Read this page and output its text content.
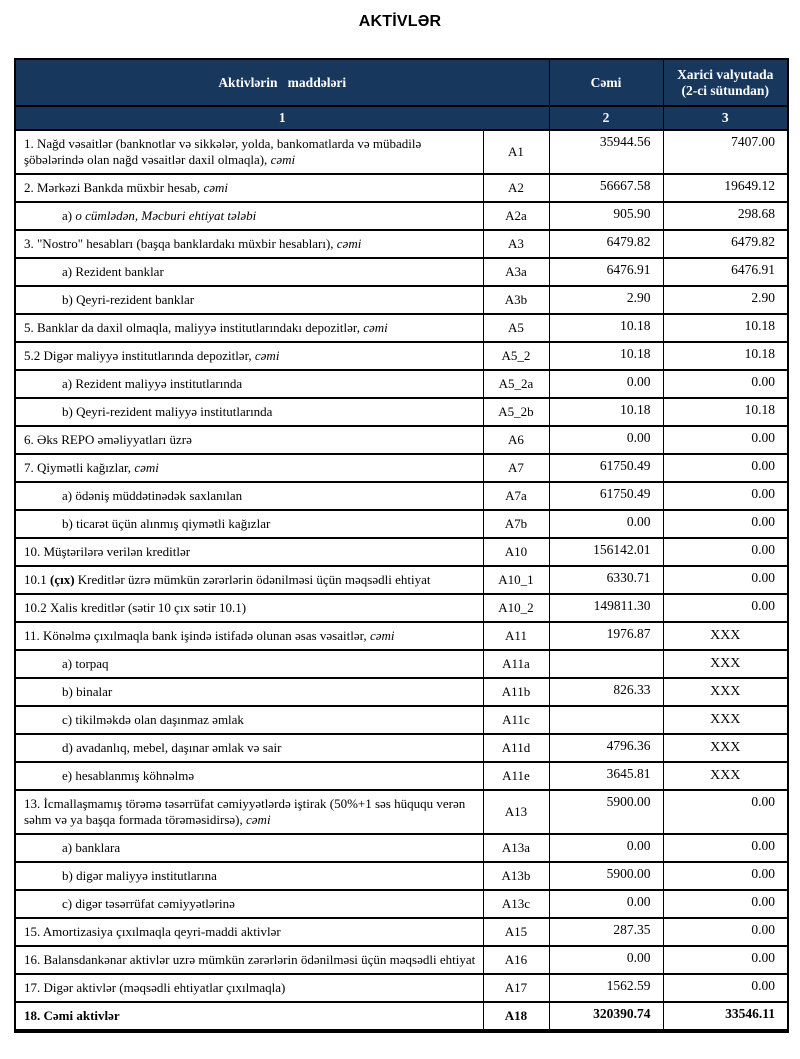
AKTİVLƏR
Aktivlərin   maddələri		Cəmi	Xarici valyutada (2-ci sütundan)
1		2	3
1. Nağd vəsaitlər (banknotlar və sikkələr, yolda, bankomatlarda və mübadilə şöbələrində olan nağd vəsaitlər daxil olmaqla), cəmi	A1	35944.56	7407.00
2. Mərkəzi Bankda müxbir hesab, cəmi	A2	56667.58	19649.12
a) o cümlədən, Məcburi ehtiyat tələbi	A2a	905.90	298.68
3. "Nostro" hesabları (başqa banklardakı müxbir hesabları), cəmi	A3	6479.82	6479.82
a) Rezident banklar	A3a	6476.91	6476.91
b) Qeyri-rezident banklar	A3b	2.90	2.90
5. Banklar da daxil olmaqla, maliyyə institutlarındakı depozitlər, cəmi	A5	10.18	10.18
5.2 Digər maliyyə institutlarında depozitlər, cəmi	A5_2	10.18	10.18
a) Rezident maliyyə institutlarında	A5_2a	0.00	0.00
b) Qeyri-rezident maliyyə institutlarında	A5_2b	10.18	10.18
6. Əks REPO əməliyyatları üzrə	A6	0.00	0.00
7. Qiymətli kağızlar, cəmi	A7	61750.49	0.00
a) ödəniş müddətinədək saxlanılan	A7a	61750.49	0.00
b) ticarət üçün alınmış qiymətli kağızlar	A7b	0.00	0.00
10. Müştərilərə verilən kreditlər	A10	156142.01	0.00
10.1 (çıx) Kreditlər üzrə mümkün zərərlərin ödənilməsi üçün məqsədli ehtiyat	A10_1	6330.71	0.00
10.2 Xalis kreditlər (sətir 10 çıx sətir 10.1)	A10_2	149811.30	0.00
11. Könəlmə çıxılmaqla bank işində istifadə olunan əsas vəsaitlər, cəmi	A11	1976.87	XXX
a) torpaq	A11a		XXX
b) binalar	A11b	826.33	XXX
c) tikilməkdə olan daşınmaz əmlak	A11c		XXX
d) avadanlıq, mebel, daşınar əmlak və sair	A11d	4796.36	XXX
e) hesablanmış köhnəlmə	A11e	3645.81	XXX
13. İcmallaşmamış törəmə təsərrüfat cəmiyyətlərdə iştirak (50%+1 səs hüququ verən səhm və ya başqa formada törəməsidirsə), cəmi	A13	5900.00	0.00
a) banklara	A13a	0.00	0.00
b) digər maliyyə institutlarına	A13b	5900.00	0.00
c) digər təsərrüfat cəmiyyətlərinə	A13c	0.00	0.00
15. Amortizasiya çıxılmaqla qeyri-maddi aktivlər	A15	287.35	0.00
16. Balansdankənar aktivlər uzrə mümkün zərərlərin ödənilməsi üçün məqsədli ehtiyat	A16	0.00	0.00
17. Digər aktivlər (məqsədli ehtiyatlar çıxılmaqla)	A17	1562.59	0.00
18. Cəmi aktivlər	A18	320390.74	33546.11
